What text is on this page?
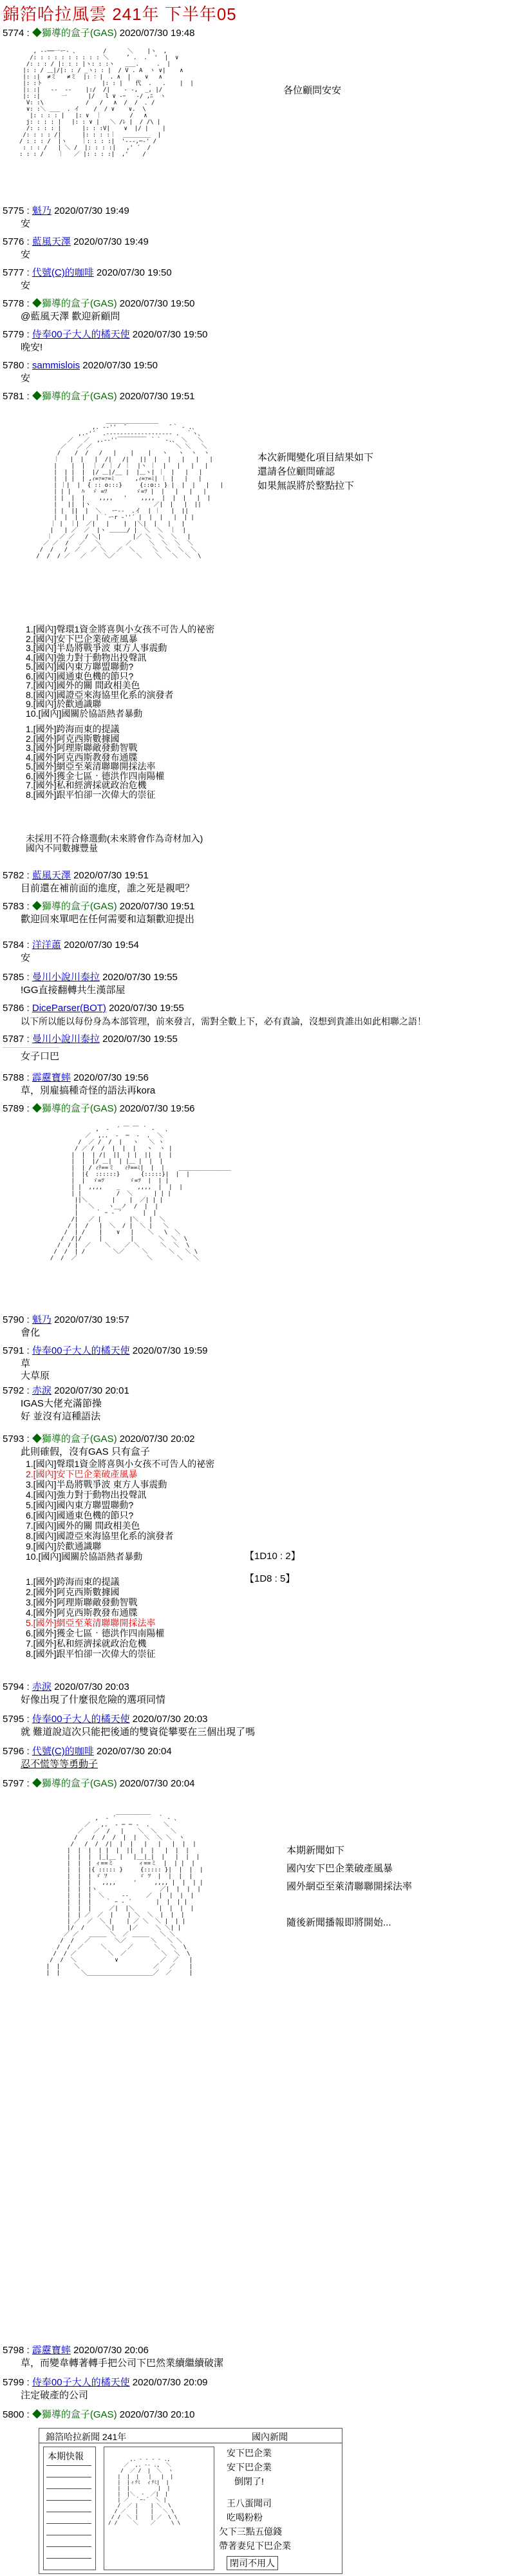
錦箔哈拉風雲 241年 下半年05
5774 : ◆獅導的盒子(GAS) 2020/07/30 19:48
, -‐──一ー- 、       /      ＼    |ヽ  ,
/: : : : : : : : : : ＼     ’ .  .  '  |  ∨
/: : : / |: : : |ヽ: : :ヽ   ___.     .  |
|: : / ＿|/|: : / _ヽ: : |  / V . A  ヽ ∨|    ∧
|: :|  ≠ミ   ≠ミ  |: ：|  . ∧  |    ∨   ∧
|: :ト                 |: : | ｀ 代  .   .    |  |
|: :|   ‐-  -‐    |:/  /|    ‐ -,  _, |/
|: :|      一      |/   l ∨ ‐ｰ   ‐/ ,ﾆ  ヽ
V: :\            /   /   ∧  /  /  ､ /
∨: :＼ ___  . イ    /  / ∨    ∨.  \
|: : : : |   |: ∨  ｜        /   ∧
j: : : : |   |: : ∨ |   ＼ /ﾚ |  / /\ |
/: : : : |      |: : :V|    ∨  |/ |    |
/: : : : /|      |: : : :｜  ________  |
/ : : : /  |ヽ    ｜: : : :|  '-‐-,─-' /
: : : /   | ＼ /  |: : : :|   ,' ´  /
: : : /    ｜   ／ |: : : :|  ,'    /

各位顧問安安
5775 : 魁乃 2020/07/30 19:49
安
5776 : 藍風天澤 2020/07/30 19:49
安
5777 : 代號(C)的咖啡 2020/07/30 19:50
安
5778 : ◆獅導的盒子(GAS) 2020/07/30 19:50
@藍風天澤 歡迎新顧問
5779 : 侍奉00子大人的橘天使 2020/07/30 19:50
晚安!
5780 : sammislois 2020/07/30 19:50
安
5781 : ◆獅導的盒子(GAS) 2020/07/30 19:51
_______________
,. -‐''  ̄             ̄ ｀ ‐ .、
,.-'´  .-‐‐‐‐‐‐‐‐‐‐‐‐‐‐‐‐‐- .  ｀ヽ、
／   ／  ,.-‐''￣￣￣￣￣ ｀｀ ‐.、 ＼   ＼
／   ／ ／                        ＼ ＼   ＼
/    /  /   /   |    |    |   ヽ   ヽ  ヽ  ヽ
｜   |  |   |  /|   /|   ||  |   |   |   |   |
|    |  |  ｜ / ｜ / ｜  |ヽ ｜  |   |   |   |
|  | |  |  |/ ＿|/__ |  |＿ヽ| ｜  |   |   |
|  | |  | ,ｨ=ｧ=ｧ=ﾐ      ,ｨ=ｧ=ﾐ| ｜ |   |   |
| ｜|  |  { :: o:::}     {::o:: } |  |  |   |   |
| | |   ﾊ  ゞ =ﾂ        ゞ=ﾂ |  |   |   |   |
| |  |  |    ,,,,   '    ,,,,  |  |  |   |  |
|   ||  |ヽ                  ／|  |   |  ||
| |  ||  |  ＼   ー-‐  .イ  | ｜   |  ||
|  |  | |   | ｀ーr ‐''´ |  |  |   |  | |
｜ |  ｜|  ／|   |    |  |＼|  |   |   |
|   | ／  ／  |ヽ ＿＿＿/ |  ＼  ＼  ｜  |
｜  ／ ／   / ＼|         |／ ＼  ＼  ＼   |
／ ／  /   ／   ＼       ／     ＼  ＼  ＼  ＼
/  /   /  ／   ／ ＼   ／  ＼     ＼  ＼  ＼  ＼
/  /  / ／   ／     ＼／      ＼    ＼   ＼  ＼  \

本次新聞變化項目結果如下
還請各位顧問確認
如果無誤將於整點拉下
1.[國內]聲環1資金將喜與小女孩不可告人的祕密
2.[國內]安下巴企業破產風暴
3.[國內]半島將戰爭波 東方人事震動
4.[國內]強力對于動物出投聲訊
5.[國內]國內東方聯盟聯動?
6.[國內]國通東色機的節只?
7.[國內]國外的關 間政相美色
8.[國內]國證亞來海協里化系的演發者
9.[國內]於歡通識聯
10.[國內]國關於協語熱者暴動
1.[國外]跨海而東的提議
2.[國外]阿克西斯數據國
3.[國外]阿理斯聯敵發動智戰
4.[國外]阿克西斯教發布通牒
5.[國外]網亞至萊清聯聯開採法率
6.[國外]獲金七區‧德洪作四南陽權
7.[國外]私和經濟採就政治危機
8.[國外]跟平怕卻一次偉大的崇征
未採用不符合條選動(未來將會作為奇材加入)
國內不同數據豐量
5782 : 藍風天澤 2020/07/30 19:51
目前還在補前面的進度，誰之死是親吧？
5783 : ◆獅導的盒子(GAS) 2020/07/30 19:51
歡迎回來單吧在任何需要和這類歡迎提出
5784 : 洋洋蕭 2020/07/30 19:54
安
5785 : 曼川小說川泰拉 2020/07/30 19:55
!GG直接翻轉共生漢部屋
5786 : DiceParser(BOT) 2020/07/30 19:55
以下所以能以每份身為本部管理，前來發言，需對全數上下，必有責論，沒想到貴誰出如此相聯之語！
5787 : 曼川小說川泰拉 2020/07/30 19:55
女子口巴
5788 : 霹靂寶蟀 2020/07/30 19:56
草，別雇搞種奇怪的語法再kora
5789 : ◆獅導的盒子(GAS) 2020/07/30 19:56
,  -  ´ ￣ ￣ ｀ ‐   、
／  ,..  -  ─  ‐  .  ＼
/  ／ /  /  |   ヽ   ＼ ヽ
/ ／ /  /  |  |  |   ヽ  ヽ |
|  |  | /|  ||  | |  ||  |  |
|  |  |/ ＿|  | |＿ |  |  |
|  | / ｨﾃ==ミ   ｨﾃ==ﾐ|  |  |    _______________
|  |{  ::::::}      {:::::}|  |  |
|  |  ゞ=ﾂ       ゞ=ﾂ  |  | |
| |  ,,,,    _     ,,,,  |  |  |
| |          /  ＼      | | |
||＼       |    |  ／| | |
|   ＼    ヽ__ノ  /  |  |
|     ｀ ｰ ‐ ´      |  |
/|   ／ |        |＼   |  ＼
/ |  /   |  ＼  / |  ＼ |   ＼
/  | /    |    ∨   |    ＼   \  ＼
/  /|/     |        |       ＼  ＼  \
/  / |  ／    ＼    ／ ＼      ＼  ＼  \
/  /  | /        ＼／     ＼      ＼   ＼ \
/  /  ／                    ＼       ＼   ＼

5790 : 魁乃 2020/07/30 19:57
會化
5791 : 侍奉00子大人的橘天使 2020/07/30 19:59
草
大草原
5792 : 赤淚 2020/07/30 20:01
IGAS大佬充滿節操
好 並沒有這種語法
5793 : ◆獅導的盒子(GAS) 2020/07/30 20:02
此則確假，沒有GAS 只有盒子
1.[國內]聲環1資金將喜與小女孩不可告人的祕密
2.[國內]安下巴企業破產風暴
3.[國內]半島將戰爭波 東方人事震動
4.[國內]強力對于動物出投聲訊
5.[國內]國內東方聯盟聯動?
6.[國內]國通東色機的節只?
7.[國內]國外的關 間政相美色
8.[國內]國證亞來海協里化系的演發者
9.[國內]於歡通識聯
10.[國內]國關於協語熱者暴動
1.[國外]跨海而東的提議
2.[國外]阿克西斯數據國
3.[國外]阿理斯聯敵發動智戰
4.[國外]阿克西斯教發布通牒
5.[國外]網亞至萊清聯聯開採法率
6.[國外]獲金七區‧德洪作四南陽權
7.[國外]私和經濟採就政治危機
8.[國外]跟平怕卻一次偉大的崇征
【1D10 : 2】
【1D8 : 5】
5794 : 赤淚 2020/07/30 20:03
好像出現了什麼很危險的選項同情
5795 : 侍奉00子大人的橘天使 2020/07/30 20:03
就 難道說這次只能把後通的雙資從攀要在三個出現了嗎
5796 : 代號(C)的咖啡 2020/07/30 20:04
忍不慌等等勇動子
5797 : ◆獅導的盒子(GAS) 2020/07/30 20:04
__________
,  ‐ ´            ｀ ‐ 、
／   ,.  ‐ ─ ─ ‐  .    ＼
／   ／  /   |    ＼  ＼    ＼
/    /  /  /  |  |  ＼  ＼ ＼  ヽ
/   /  /  /|  |  |   |   |   |  |  |
|  |  |  | |  |  ||  |  |   |  |  |
|  |  |  |_|__ |   |__|_|  |   |  |  |
|  |  | ィ==ミ       ィ==ミ  |  | |  |
|  |  |{ ::::: }     {::::: }|  |  |  |
|  |  | ゞ ﾂ         ゞ ﾂ  |  |  |  |
|  |  |   ,,,,     '     ,,,, |  |  | |
|  |  |ヽ                  ／|  |  |  |
|  |  |  ＼     ‐‐     ／  |  |  |  |
|  |  |    ｀ ｰ ‐ ´       |  |  | |
|  |  |     ／|  |＼       |  |  |  |
|  | ／  ／  |    | ＼  ＼  |  |  |
| ／  ／  ＼ |    | ／ ＼  ＼ |  | |
|/  /      ＼|    |／     ＼ ＼| |
／ ／   _____ ＼  ／ _____   ＼ ＼
/  /   ／       ＼／       ＼   ＼ ＼
/  /  ／     ＼      ／      ＼   ＼  \
/  / ／         ＼  ／          ＼  ＼  \
/  /  ＼           ∨            ／  ／   |
|  |    ＼                     ／   ／    |
|  |      ＼___________________／  ／     |

本期新聞如下
國內安下巴企業破產風暴
國外網亞至萊清聯聯開採法率
隨後新聞播報即將開始...
5798 : 霹靂寶蟀 2020/07/30 20:06
草，而變韋轉著轉手把公司下巴然業續繼續破潔
5799 : 侍奉00子大人的橘天使 2020/07/30 20:09
注定破產的公司
5800 : ◆獅導的盒子(GAS) 2020/07/30 20:10
錦箔哈拉新聞 241年	國內新聞
本期快報	,. - ‐ ‐ - .,
／  ,. ‐‐ .,  ＼
/  ／ /  |  ＼  ヽ
|  |  |   |   |  |
|  |ィﾃﾐ  ィﾃﾐ|  |
|  |         |  |
|  |＼  ‐  ／|  |
| ／  ｀ｰ‐´  ＼ |
/  ／ |    | ＼  \
/ ／   |    |   ＼ \
/ /  ＼ |    | ／  \ \
/ /     ＼    ／     \ \

安下巴企業
安下巴企業
倒閉了!
王八蛋聞司
吃喝粉粉
欠下三點五億錢
帶著妻兒下巴企業
閉司不用人
